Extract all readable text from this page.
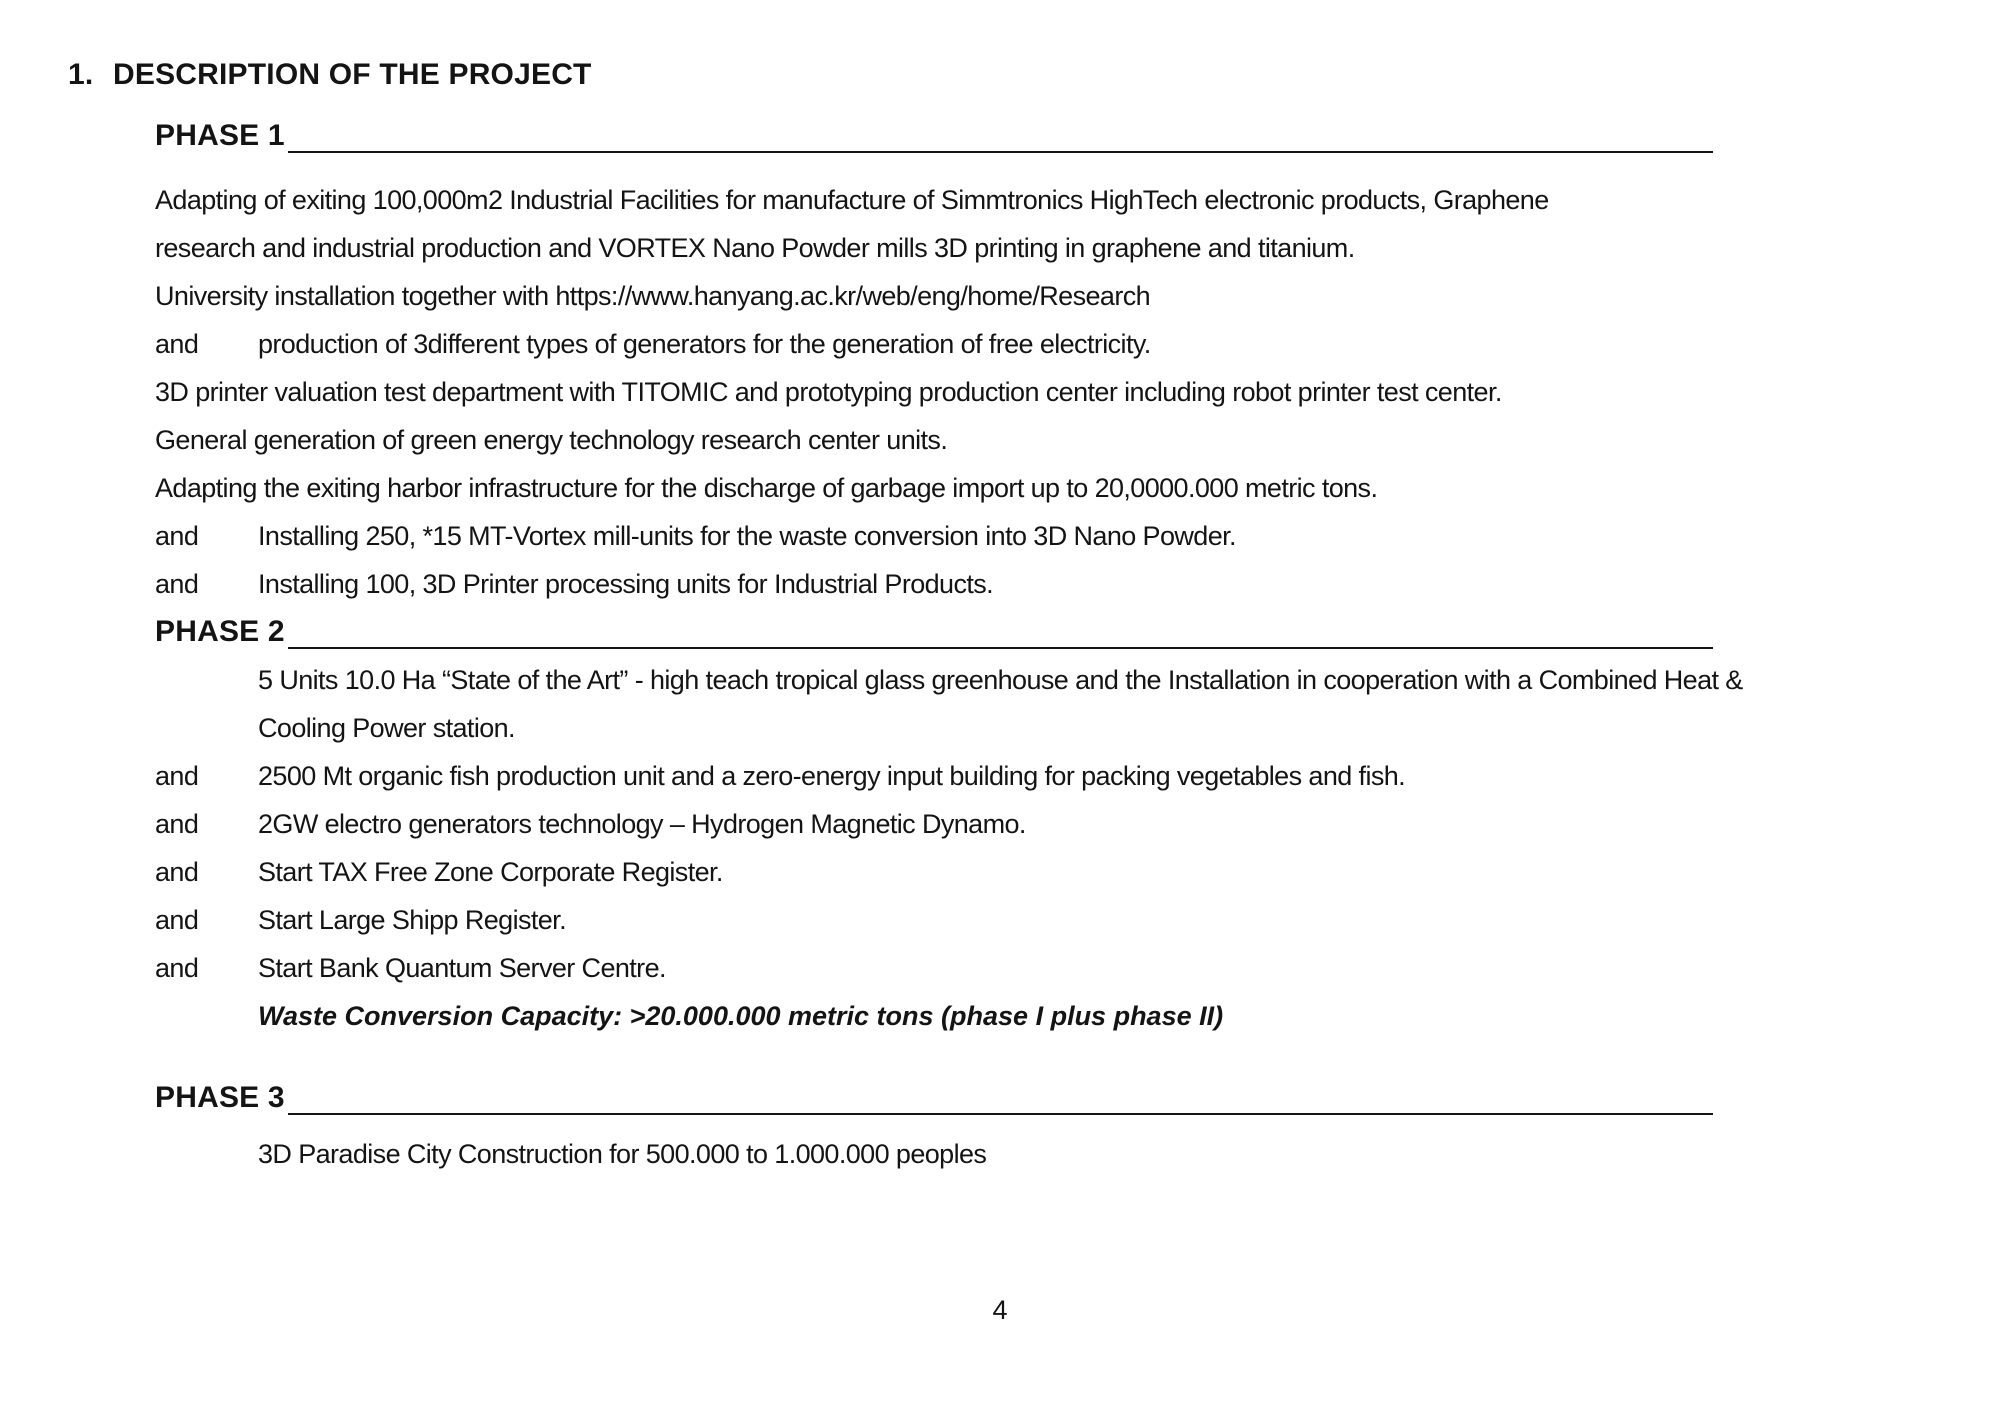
1. DESCRIPTION OF THE PROJECT
PHASE 1
Adapting of exiting 100,000m2 Industrial Facilities for manufacture of Simmtronics HighTech electronic products, Graphene
research and industrial production and VORTEX Nano Powder mills 3D printing in graphene and titanium.
University installation together with https://www.hanyang.ac.kr/web/eng/home/Research
and	production of 3different types of generators for the generation of free electricity.
3D printer valuation test department with TITOMIC and prototyping production center including robot printer test center.
General generation of green energy technology research center units.
Adapting the exiting harbor infrastructure for the discharge of garbage import up to 20,0000.000 metric tons.
and	Installing 250, *15 MT-Vortex mill-units for the waste conversion into 3D Nano Powder.
and	Installing 100, 3D Printer processing units for Industrial Products.
PHASE 2
5 Units 10.0 Ha “State of the Art” - high teach tropical glass greenhouse and the Installation in cooperation with a Combined Heat &
Cooling Power station.
and	2500 Mt organic fish production unit and a zero-energy input building for packing vegetables and fish.
and	2GW electro generators technology – Hydrogen Magnetic Dynamo.
and	Start TAX Free Zone Corporate Register.
and	Start Large Shipp Register.
and	Start Bank Quantum Server Centre.
Waste Conversion Capacity: >20.000.000 metric tons (phase I plus phase II)
PHASE 3
3D Paradise City Construction for 500.000 to 1.000.000 peoples
4
